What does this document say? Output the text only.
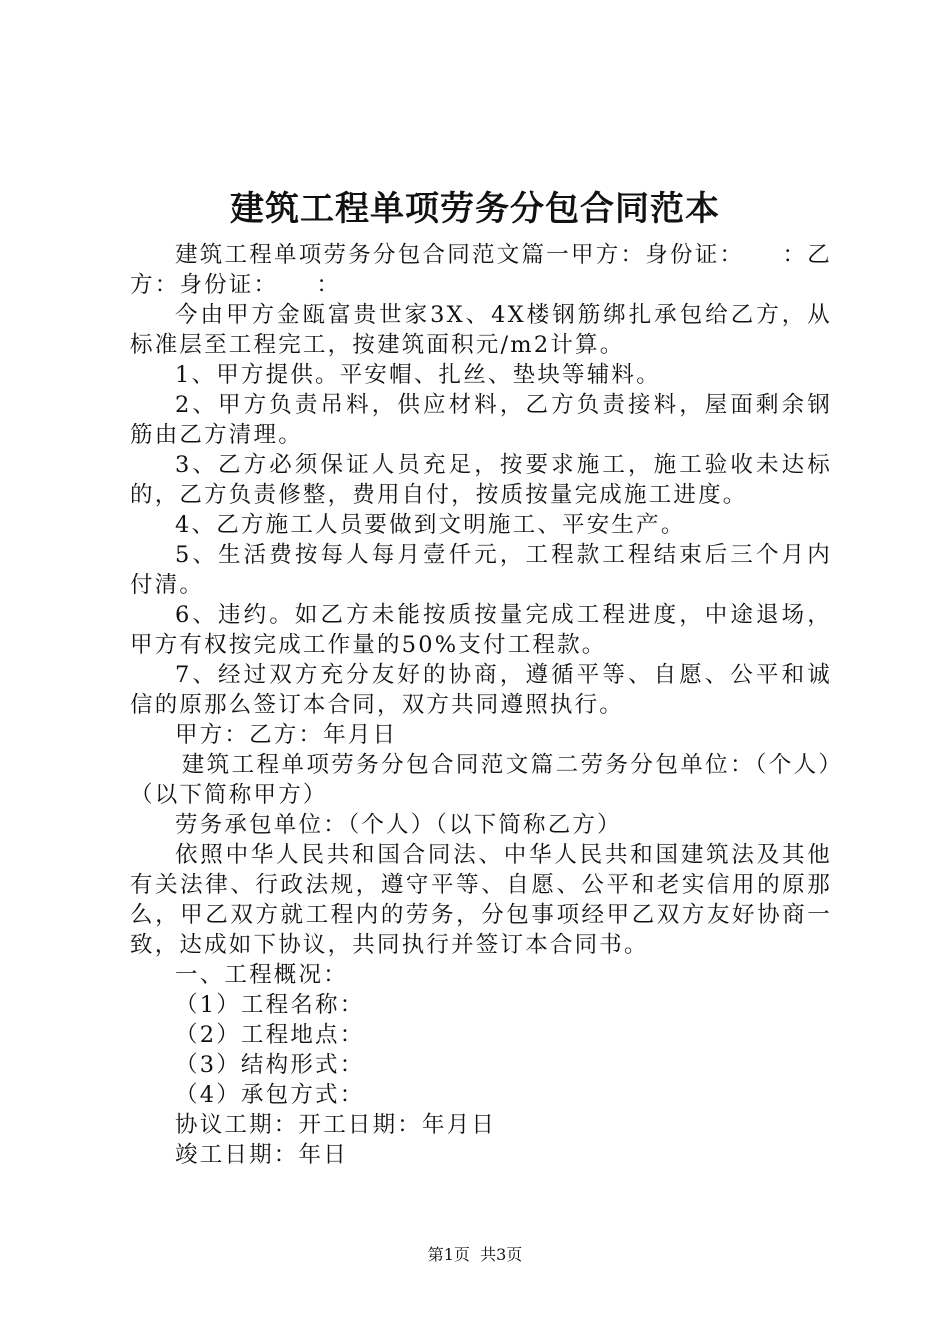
建筑工程单项劳务分包合同范本

建筑工程单项劳务分包合同范文篇一甲方：身份证：　　：乙方：身份证：　　：

今由甲方金瓯富贵世家3X、4X楼钢筋绑扎承包给乙方，从标准层至工程完工，按建筑面积元/m2计算。

1、甲方提供。平安帽、扎丝、垫块等辅料。

2、甲方负责吊料，供应材料，乙方负责接料，屋面剩余钢筋由乙方清理。

3、乙方必须保证人员充足，按要求施工，施工验收未达标的，乙方负责修整，费用自付，按质按量完成施工进度。

4、乙方施工人员要做到文明施工、平安生产。

5、生活费按每人每月壹仟元，工程款工程结束后三个月内付清。

6、违约。如乙方未能按质按量完成工程进度，中途退场，甲方有权按完成工作量的50%支付工程款。

7、经过双方充分友好的协商，遵循平等、自愿、公平和诚信的原那么签订本合同，双方共同遵照执行。

甲方：乙方：年月日

建筑工程单项劳务分包合同范文篇二劳务分包单位：（个人）（以下简称甲方）

劳务承包单位：（个人）（以下简称乙方）

依照中华人民共和国合同法、中华人民共和国建筑法及其他有关法律、行政法规，遵守平等、自愿、公平和老实信用的原那么，甲乙双方就工程内的劳务，分包事项经甲乙双方友好协商一致，达成如下协议，共同执行并签订本合同书。

一、工程概况：

（1）工程名称：

（2）工程地点：

（3）结构形式：

（4）承包方式：

协议工期：开工日期：年月日

竣工日期：年日

第1页 共3页
